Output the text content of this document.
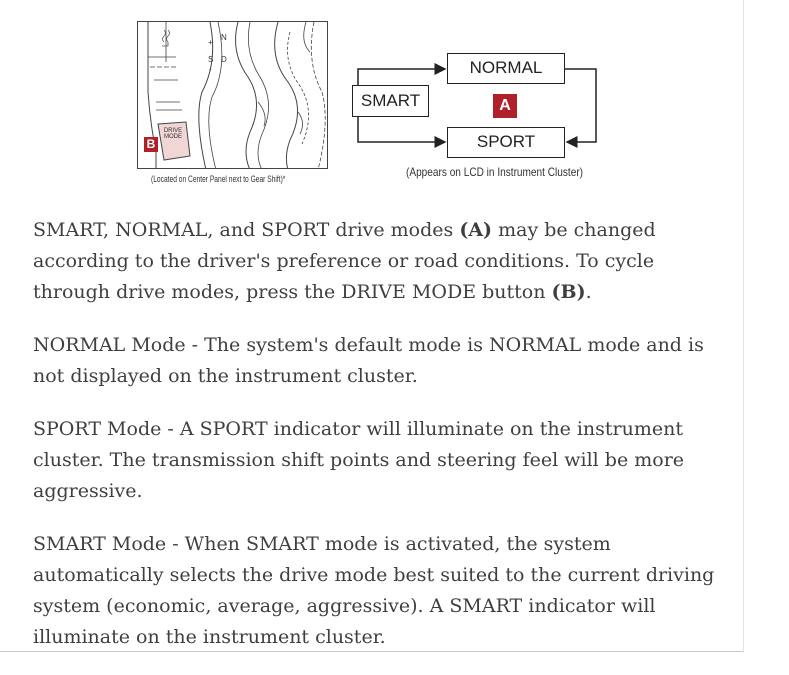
N
+
S D
-
DRIVE
MODE
B
(Located on Center Panel next to Gear Shift)*
SMART
NORMAL
SPORT
A
(Appears on LCD in Instrument Cluster)

SMART, NORMAL, and SPORT drive modes (A) may be changed according to the driver's preference or road conditions. To cycle through drive modes, press the DRIVE MODE button (B).

NORMAL Mode - The system's default mode is NORMAL mode and is not displayed on the instrument cluster.

SPORT Mode - A SPORT indicator will illuminate on the instrument cluster. The transmission shift points and steering feel will be more aggressive.

SMART Mode - When SMART mode is activated, the system automatically selects the drive mode best suited to the current driving system (economic, average, aggressive). A SMART indicator will illuminate on the instrument cluster.
